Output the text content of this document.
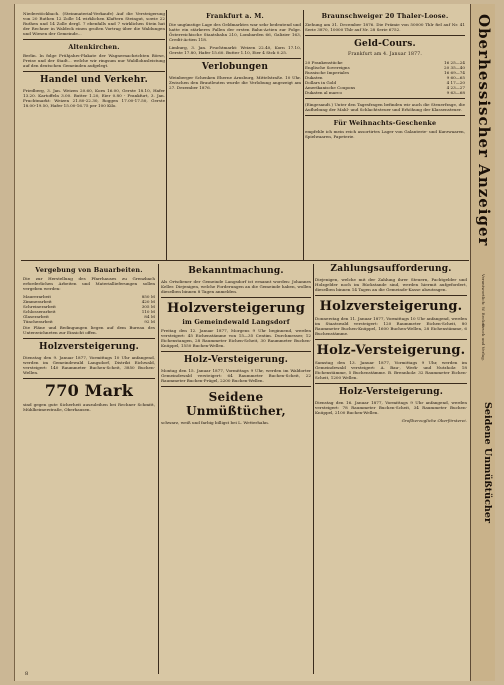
Niederstöckbach. (Steinmaterial-Verkaufe) Auf die Versteigerung von 20 Ruthen 12 Zolle 14 wirklichen Klaftern Steingut, sowie 22 Ruthen und 14 Zolle dergl. 7 ebenfalls und 7 wirklichen Stein hat der Rechner in Waldeck einen großen Vortrag über die Waldungen und Wiesen der Gemeinde...
Altenkirchen.
Berlin. In folge Frühjahrs-Plakate der Wagnernachrichten Börse, Preise und der Stadt... welche wir ringsum nur Waldlohnsleistung auf den deutschen Gemeinden aufgelegt.
Handel und Verkehr.
Friedberg, 3. Jan. Weizen 20.60, Korn 16.00, Gerste 18.10, Hafer 13.20. Kartoffeln 3.00. Butter 1.20, Eier 0.80 - Frankfurt, 3. Jan. Fruchtmarkt: Weizen 21.80-22.30, Roggen 17.00-17.50, Gerste 18.00-19.50, Hafer 15.00-16.75 per 100 Kilo.
Frankfurt a. M.
Die ungünstige Lage des Geldmarktes war sehr bedeutend und hatte ein stärkeres Fallen der ersten Bahn-Actien zur Folge. Österreichische Staatsbahn 210, Lombarden 66, Galizier 163, Credit-Actien 118.
Limburg, 3. Jan. Fruchtmarkt: Weizen 22.40, Korn 17.10, Gerste 17.80, Hafer 15.60. Butter 1.10, Eier 4 Stck 0.25.
Verlobungen
Weinberger Schenken Eherne Arnsburg, Mittelstraße. 10 Uhr. Zwischen den Brautleuten wurde die Verlobung angezeigt am 27. Dezember 1876.
Braunschweiger 20 Thaler-Loose.
Ziehung am 31. December 1876. Die Prämie von 50000 Thlr fiel auf Nr. 41 Serie 3870, 10000 Thlr auf Nr. 28 Serie 6752.
Geld-Cours.
Frankfurt am 4. Januar 1877.
20 Frankenstücke	16 25—24
Englische Sovereigns	20 35—40
Russische Imperiales	16 69—74
Dukaten	9 60—65
Dollars in Gold	4 17—20
Amerikanische Coupons	4 23—27
Dukaten al marco	9 63—68
(Eingesandt.) Unter den Tagesfragen befinden wir auch die Steuerfrage, die Aufhebung der Mahl- und Schlachtsteuer und Erhöhung der Klassensteuer.
Für Weihnachts-Geschenke
empfehle ich mein reich assortirtes Lager von Galanterie- und Kurzwaaren, Spielwaaren, Papeterie.
Vergebung von Bauarbeiten.
Die zur Herstellung des Pfarrhauses zu Grenzbach erforderlichen Arbeiten und Materiallieferungen sollen vergeben werden:
Maurerarbeit	850 M
Zimmerarbeit	420 M
Schreinerarbeit	305 M
Schlosserarbeit	110 M
Glaserarbeit	84 M
Tüncherarbeit	92 M
Die Pläne und Bedingungen liegen auf dem Bureau des Unterzeichneten zur Einsicht offen.
Holzversteigerung.
Dienstag den 9. Januar 1877, Vormittags 10 Uhr anfangend, werden im Gemeindewald Langsdorf, Distrikt Eichwald, versteigert: 140 Raummeter Buchen-Scheit, 3850 Buchen-Wellen.
770 Mark
sind gegen gute Sicherheit auszuleihen bei Rechner Schmitt, Mühlheimerstraße, Oberhausen.
Bekanntmachung.
Als Ortsdiener der Gemeinde Langsdorf ist ernannt worden: Johannes Keller. Diejenigen, welche Forderungen an die Gemeinde haben, wollen dieselben binnen 8 Tagen anmelden.
Holzversteigerung
im Gemeindewald Langsdorf
Freitag den 12. Januar 1877, Morgens 9 Uhr beginnend, werden versteigert: 45 Eichenstämme von 15—35 Centim. Durchmesser, 12 Eichenstangen, 28 Raummeter Eichen-Scheit, 30 Raummeter Buchen-Knüppel, 1550 Buchen-Wellen.
Holz-Versteigerung.
Montag den 15. Januar 1877, Vormittags 9 Uhr, werden im Waldorter Gemeindewald versteigert: 64 Raummeter Buchen-Scheit, 22 Raummeter Buchen-Prügel, 2200 Buchen-Wellen.
Seidene Unmüßtücher,
schwarz, weiß und farbig billigst bei L. Wetterhahn.
Zahlungsaufforderung.
Diejenigen, welche mit der Zahlung ihrer Steuern, Pachtgelder und Holzgelder noch im Rückstande sind, werden hiermit aufgefordert, dieselben binnen 14 Tagen an die Gemeinde-Kasse abzutragen.
Holzversteigerung.
Donnerstag den 11. Januar 1877, Vormittags 10 Uhr anfangend, werden im Staatswald versteigert: 120 Raummeter Eichen-Scheit, 80 Raummeter Buchen-Knüppel, 1600 Buchen-Wellen, 28 Eichenstämme, 6 Buchenstämme.
Holz-Versteigerung.
Samstag den 13. Januar 1877, Vormittags 9 Uhr, werden im Gemeindewald versteigert: A. Bau-, Werk- und Nutzholz: 18 Eichenstämme, 5 Buchenstämme. B. Brennholz: 32 Raummeter Eichen-Scheit, 1200 Wellen.
Holz-Versteigerung.
Dienstag den 16. Januar 1877, Vormittags 9 Uhr anfangend, werden versteigert: 78 Raummeter Buchen-Scheit, 34 Raummeter Buchen-Knüppel, 2100 Buchen-Wellen.
Großherzogliche Oberförsterei.
8
Oberhessischer Anzeiger
Verantwortlich: W. Becker.
Druck und Verlag.
Seidene Unmüßtücher
